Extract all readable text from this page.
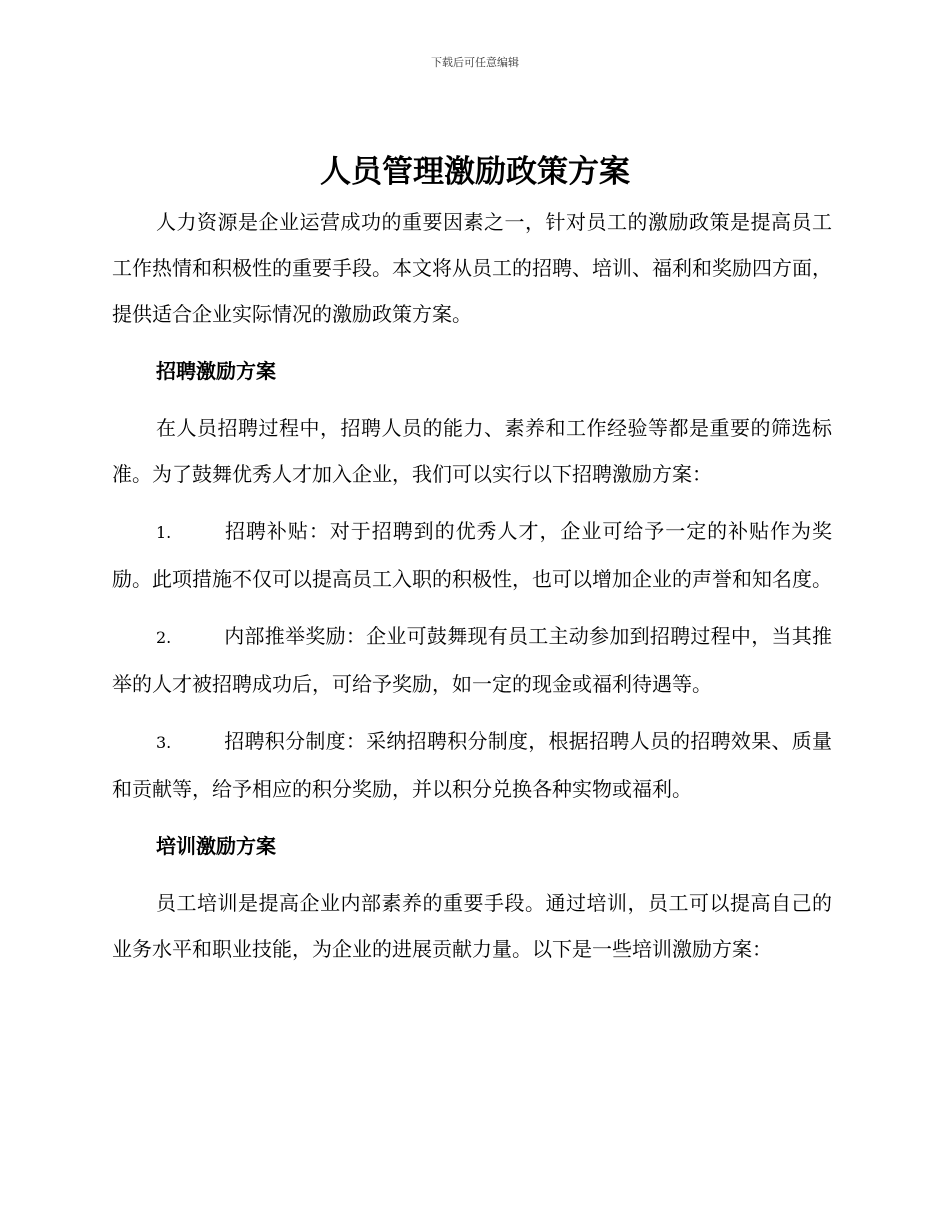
下载后可任意编辑
人员管理激励政策方案

人力资源是企业运营成功的重要因素之一，针对员工的激励政策是提高员工工作热情和积极性的重要手段。本文将从员工的招聘、培训、福利和奖励四方面，提供适合企业实际情况的激励政策方案。

招聘激励方案

在人员招聘过程中，招聘人员的能力、素养和工作经验等都是重要的筛选标准。为了鼓舞优秀人才加入企业，我们可以实行以下招聘激励方案：

1.	招聘补贴：对于招聘到的优秀人才，企业可给予一定的补贴作为奖励。此项措施不仅可以提高员工入职的积极性，也可以增加企业的声誉和知名度。

2.	内部推举奖励：企业可鼓舞现有员工主动参加到招聘过程中，当其推举的人才被招聘成功后，可给予奖励，如一定的现金或福利待遇等。

3.	招聘积分制度：采纳招聘积分制度，根据招聘人员的招聘效果、质量和贡献等，给予相应的积分奖励，并以积分兑换各种实物或福利。

培训激励方案

员工培训是提高企业内部素养的重要手段。通过培训，员工可以提高自己的业务水平和职业技能，为企业的进展贡献力量。以下是一些培训激励方案：
